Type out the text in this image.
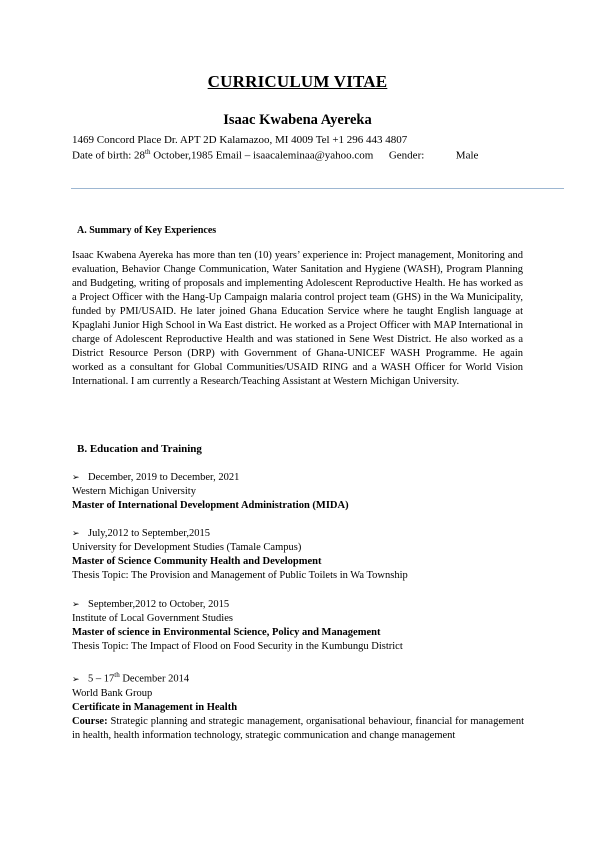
CURRICULUM VITAE
Isaac Kwabena Ayereka
1469 Concord Place Dr. APT 2D Kalamazoo, MI 4009 Tel +1 296 443 4807
Date of birth: 28th October,1985 Email – isaacaleminaa@yahoo.com Gender:	Male
A. Summary of Key Experiences
Isaac Kwabena Ayereka has more than ten (10) years’ experience in: Project management, Monitoring and evaluation, Behavior Change Communication, Water Sanitation and Hygiene (WASH), Program Planning and Budgeting, writing of proposals and implementing Adolescent Reproductive Health. He has worked as a Project Officer with the Hang-Up Campaign malaria control project team (GHS) in the Wa Municipality, funded by PMI/USAID. He later joined Ghana Education Service where he taught English language at Kpaglahi Junior High School in Wa East district. He worked as a Project Officer with MAP International in charge of Adolescent Reproductive Health and was stationed in Sene West District. He also worked as a District Resource Person (DRP) with Government of Ghana-UNICEF WASH Programme. He again worked as a consultant for Global Communities/USAID RING and a WASH Officer for World Vision International. I am currently a Research/Teaching Assistant at Western Michigan University.
B. Education and Training
➢ December, 2019 to December, 2021
Western Michigan University
Master of International Development Administration (MIDA)
➢ July,2012 to September,2015
University for Development Studies (Tamale Campus)
Master of Science Community Health and Development
Thesis Topic: The Provision and Management of Public Toilets in Wa Township
➢ September,2012 to October, 2015
Institute of Local Government Studies
Master of science in Environmental Science, Policy and Management
Thesis Topic: The Impact of Flood on Food Security in the Kumbungu District
➢ 5 – 17th December 2014
World Bank Group
Certificate in Management in Health
Course: Strategic planning and strategic management, organisational behaviour, financial for management in health, health information technology, strategic communication and change management
